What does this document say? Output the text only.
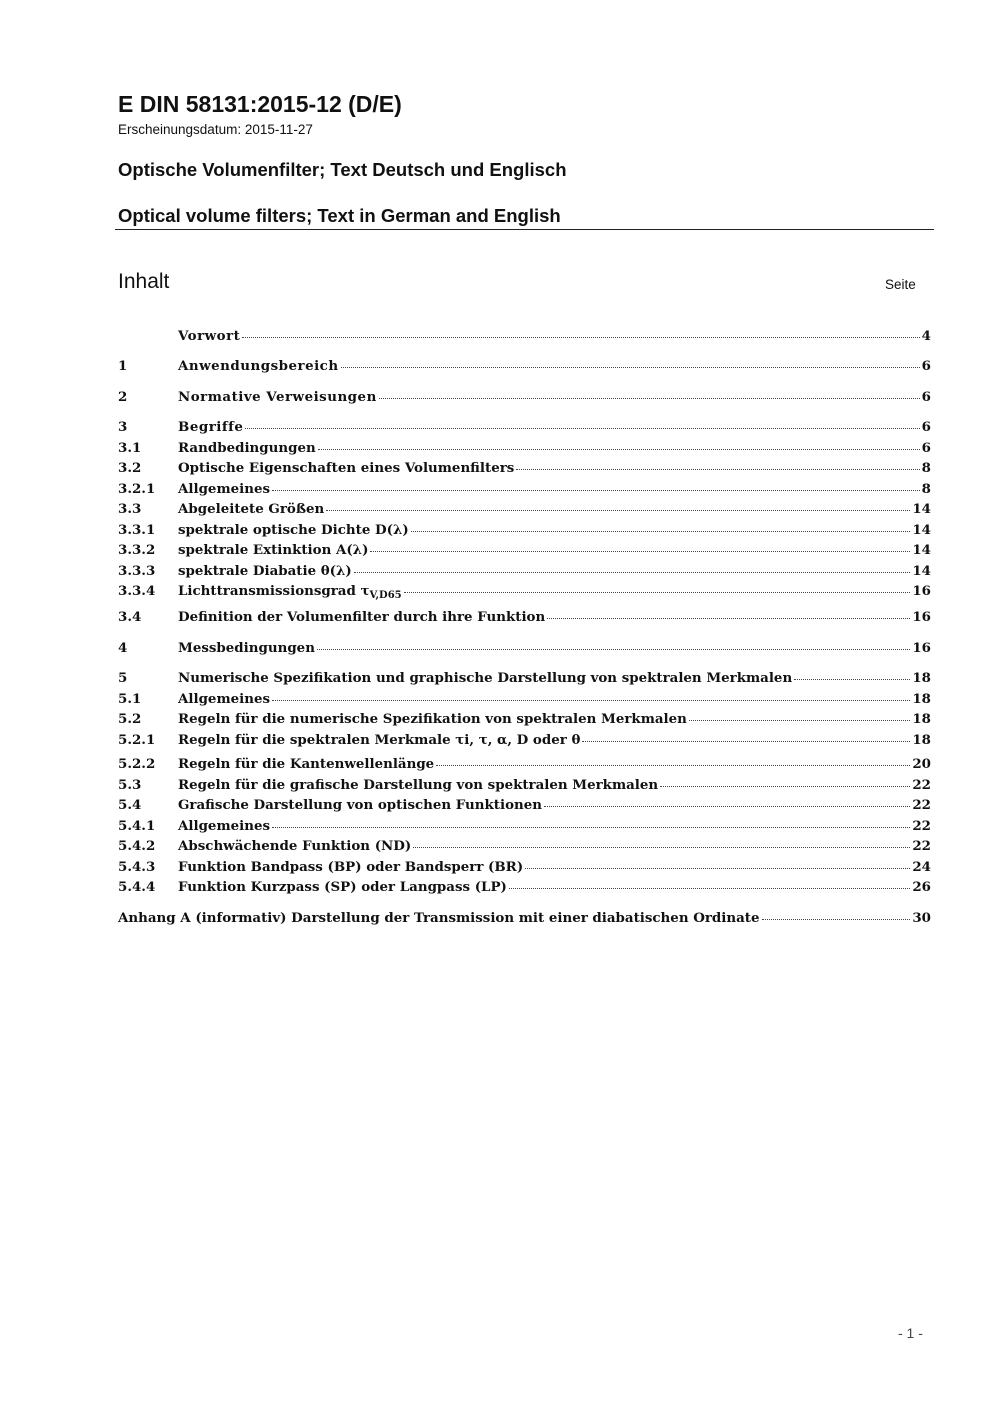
E DIN 58131:2015-12 (D/E)
Erscheinungsdatum: 2015-11-27
Optische Volumenfilter; Text Deutsch und Englisch
Optical volume filters; Text in German and English
Inhalt	Seite
Vorwort	4
1	Anwendungsbereich	6
2	Normative Verweisungen	6
3	Begriffe	6
3.1	Randbedingungen	6
3.2	Optische Eigenschaften eines Volumenfilters	8
3.2.1	Allgemeines	8
3.3	Abgeleitete Größen	14
3.3.1	spektrale optische Dichte D(λ)	14
3.3.2	spektrale Extinktion A(λ)	14
3.3.3	spektrale Diabatie θ(λ)	14
3.3.4	Lichttransmissionsgrad $\tau_{V,D65}$	16
3.4	Definition der Volumenfilter durch ihre Funktion	16
4	Messbedingungen	16
5	Numerische Spezifikation und graphische Darstellung von spektralen Merkmalen	18
5.1	Allgemeines	18
5.2	Regeln für die numerische Spezifikation von spektralen Merkmalen	18
5.2.1	Regeln für die spektralen Merkmale τi, τ, α, D oder θ	18
5.2.2	Regeln für die Kantenwellenlänge	20
5.3	Regeln für die grafische Darstellung von spektralen Merkmalen	22
5.4	Grafische Darstellung von optischen Funktionen	22
5.4.1	Allgemeines	22
5.4.2	Abschwächende Funktion (ND)	22
5.4.3	Funktion Bandpass (BP) oder Bandsperr (BR)	24
5.4.4	Funktion Kurzpass (SP) oder Langpass (LP)	26
Anhang A (informativ) Darstellung der Transmission mit einer diabatischen Ordinate	30
- 1 -
